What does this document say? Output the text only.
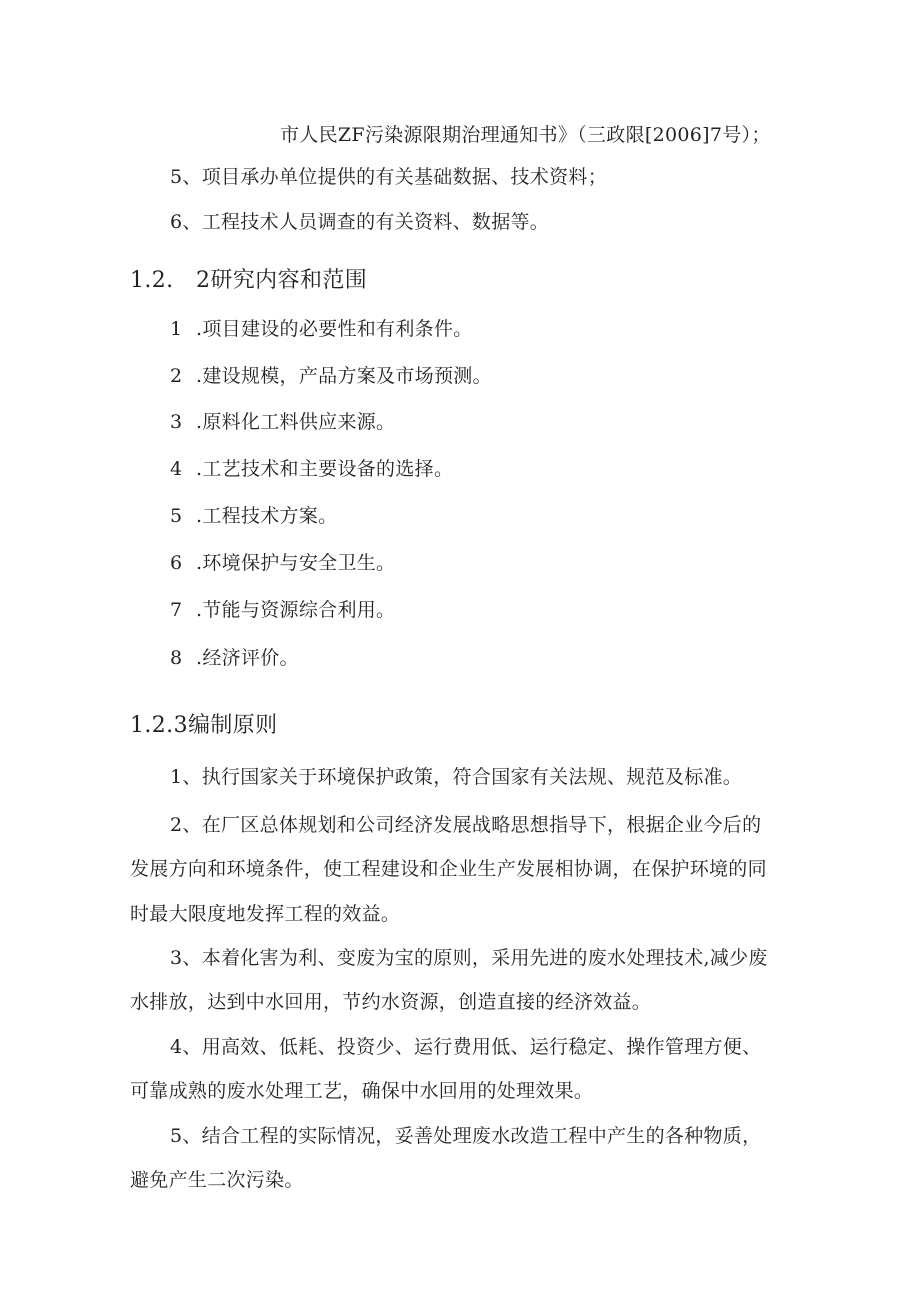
市人民ZF污染源限期治理通知书》（三政限[2006]7号）；
5、项目承办单位提供的有关基础数据、技术资料；
6、工程技术人员调查的有关资料、数据等。
1.2.　2研究内容和范围
1 .项目建设的必要性和有利条件。
2 .建设规模，产品方案及市场预测。
3 .原料化工料供应来源。
4 .工艺技术和主要设备的选择。
5 .工程技术方案。
6 .环境保护与安全卫生。
7 .节能与资源综合利用。
8 .经济评价。
1.2.3编制原则
1、执行国家关于环境保护政策，符合国家有关法规、规范及标准。
2、在厂区总体规划和公司经济发展战略思想指导下，根据企业今后的
发展方向和环境条件，使工程建设和企业生产发展相协调，在保护环境的同
时最大限度地发挥工程的效益。
3、本着化害为利、变废为宝的原则，采用先进的废水处理技术,减少废
水排放，达到中水回用，节约水资源，创造直接的经济效益。
4、用高效、低耗、投资少、运行费用低、运行稳定、操作管理方便、
可靠成熟的废水处理工艺，确保中水回用的处理效果。
5、结合工程的实际情况，妥善处理废水改造工程中产生的各种物质，
避免产生二次污染。
